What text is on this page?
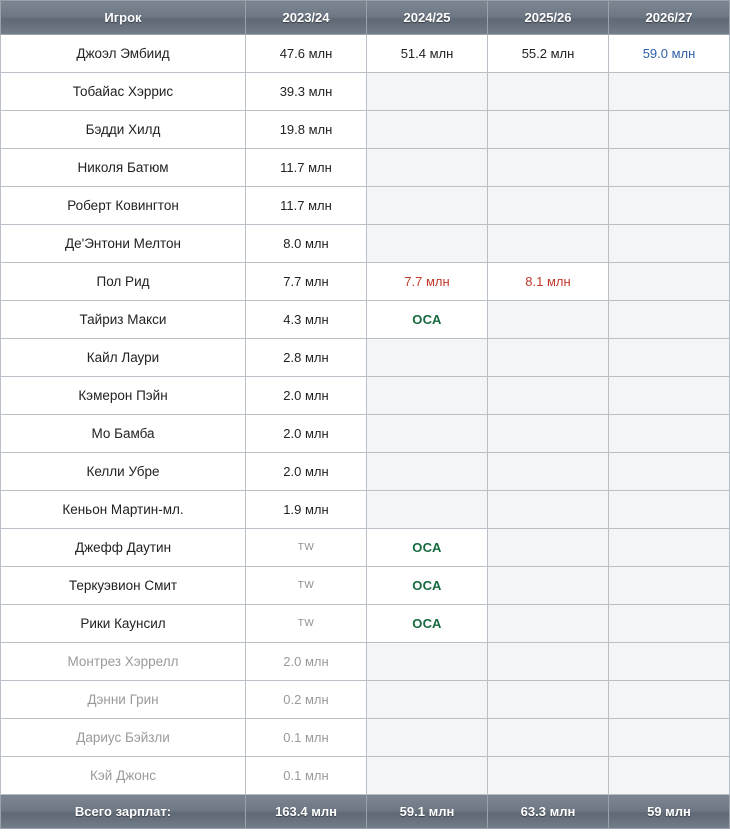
Игрок	2023/24	2024/25	2025/26	2026/27
Джоэл Эмбиид	47.6 млн	51.4 млн	55.2 млн	59.0 млн
Тобайас Хэррис	39.3 млн			
Бэдди Хилд	19.8 млн			
Николя Батюм	11.7 млн			
Роберт Ковингтон	11.7 млн			
Де'Энтони Мелтон	8.0 млн			
Пол Рид	7.7 млн	7.7 млн	8.1 млн	
Тайриз Макси	4.3 млн	ОСА		
Кайл Лаури	2.8 млн			
Кэмерон Пэйн	2.0 млн			
Мо Бамба	2.0 млн			
Келли Убре	2.0 млн			
Кеньон Мартин-мл.	1.9 млн			
Джефф Даутин	TW	ОСА		
Теркуэвион Смит	TW	ОСА		
Рики Каунсил	TW	ОСА		
Монтрез Хэррелл	2.0 млн			
Дэнни Грин	0.2 млн			
Дариус Бэйзли	0.1 млн			
Кэй Джонс	0.1 млн			
Всего зарплат:	163.4 млн	59.1 млн	63.3 млн	59 млн
